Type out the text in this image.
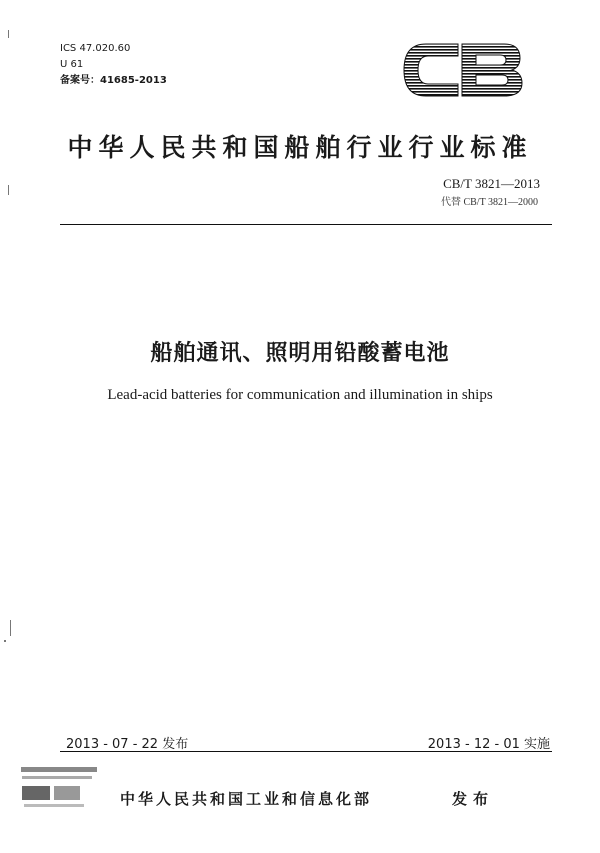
ICS 47.020.60
U 61
备案号：41685-2013
中华人民共和国船舶行业行业标准
CB/T 3821—2013
代替 CB/T 3821—2000
船舶通讯、照明用铅酸蓄电池
Lead-acid batteries for communication and illumination in ships
2013 - 07 - 22 发布	2013 - 12 - 01 实施
中华人民共和国工业和信息化部	发布
